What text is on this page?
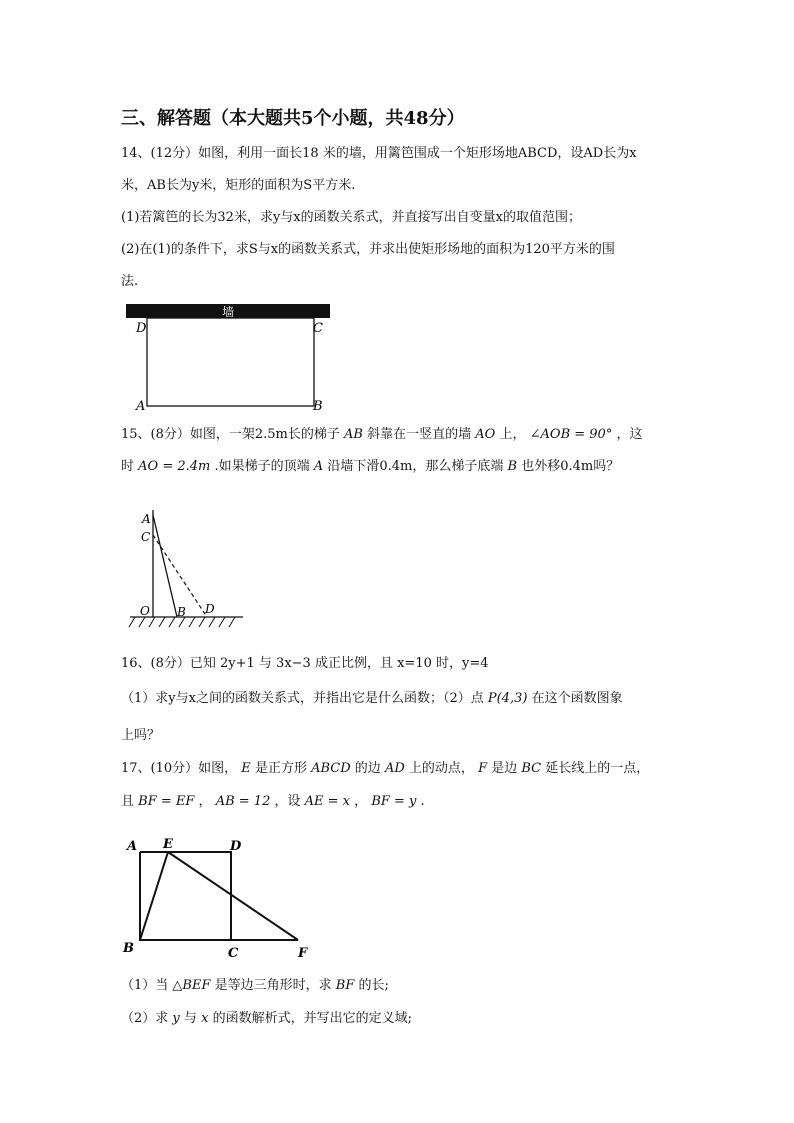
三、解答题（本大题共5个小题，共48分）
14、(12分）如图，利用一面长18 米的墙，用篱笆围成一个矩形场地ABCD，设AD长为x
米，AB长为y米，矩形的面积为S平方米.
(1)若篱笆的长为32米，求y与x的函数关系式，并直接写出自变量x的取值范围；
(2)在(1)的条件下，求S与x的函数关系式，并求出使矩形场地的面积为120平方米的围
法.
墙
D	C
A	B
15、(8分）如图，一架2.5m长的梯子 AB 斜靠在一竖直的墙 AO 上， ∠AOB = 90° ，这
时 AO = 2.4m .如果梯子的顶端 A 沿墙下滑0.4m，那么梯子底端 B 也外移0.4m吗？
A
C
O B D
16、(8分）已知 2y+1 与 3x−3 成正比例，且 x=10 时，y=4
（1）求y与x之间的函数关系式，并指出它是什么函数；（2）点 P(4,3) 在这个函数图象
上吗？
17、(10分）如图， E 是正方形 ABCD 的边 AD 上的动点， F 是边 BC 延长线上的一点，
且 BF = EF ， AB = 12 ，设 AE = x ， BF = y .
A E	D
B	C	F
（1）当 △BEF 是等边三角形时，求 BF 的长;
（2）求 y 与 x 的函数解析式，并写出它的定义域;
